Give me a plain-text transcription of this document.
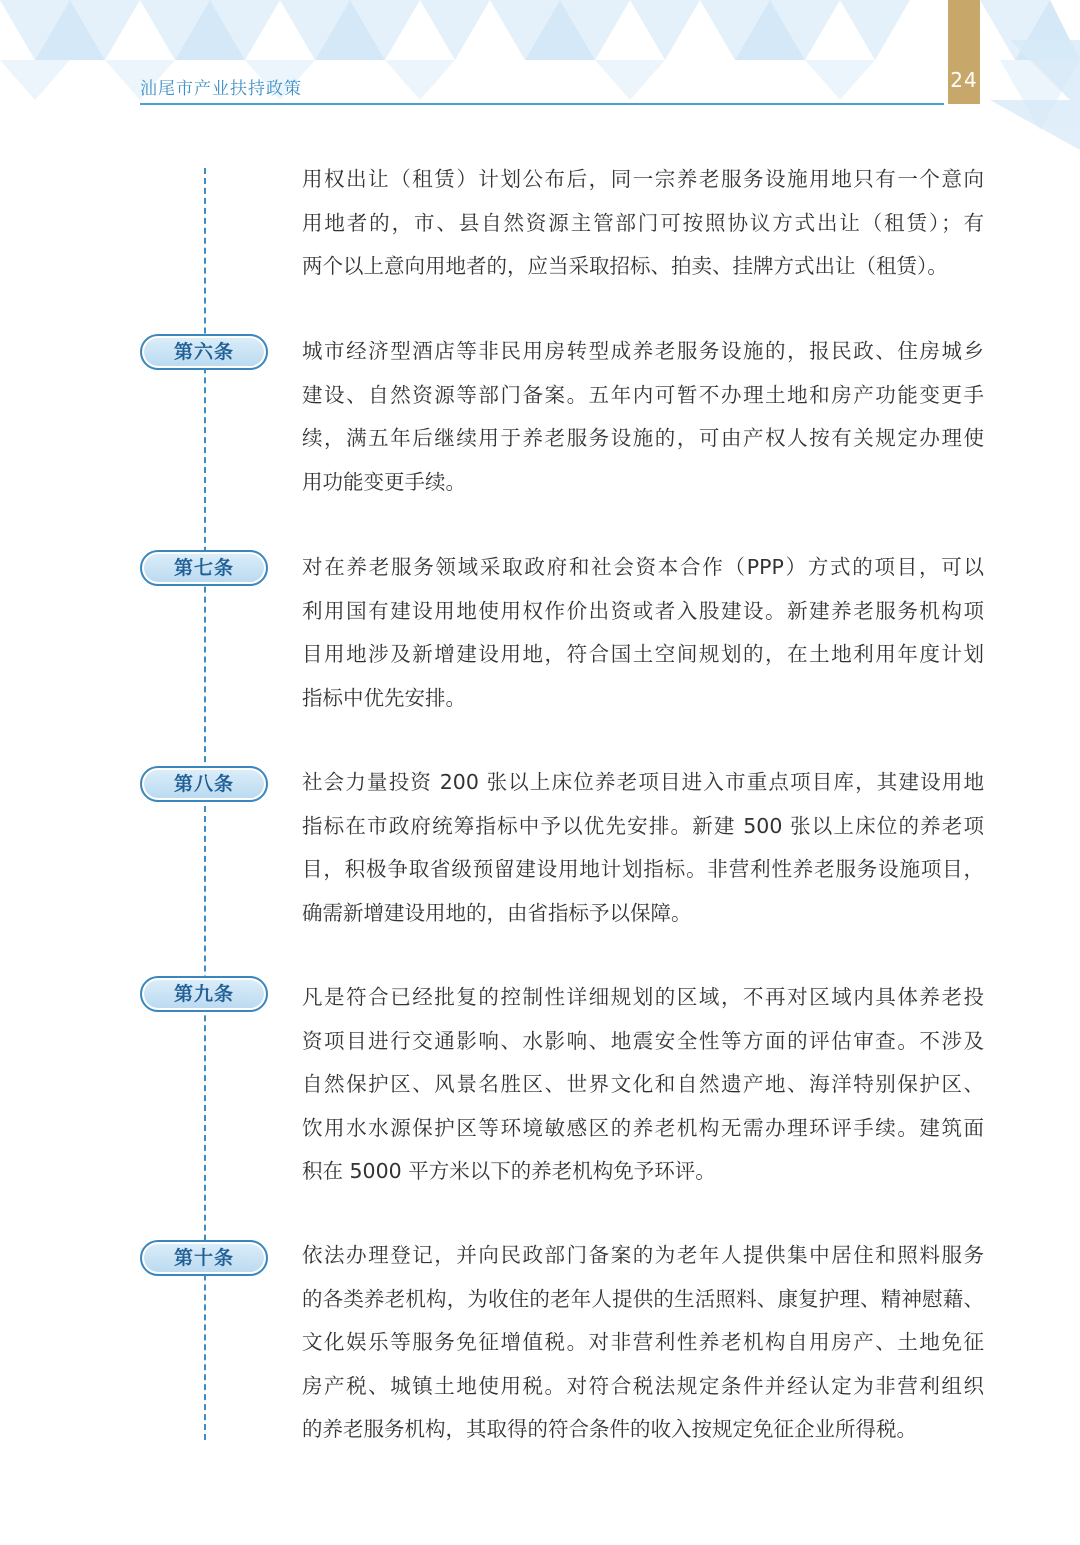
24
汕尾市产业扶持政策

用权出让（租赁）计划公布后，同一宗养老服务设施用地只有一个意向
用地者的，市、县自然资源主管部门可按照协议方式出让（租赁）；有
两个以上意向用地者的，应当采取招标、拍卖、挂牌方式出让（租赁）。

第六条	城市经济型酒店等非民用房转型成养老服务设施的，报民政、住房城乡
建设、自然资源等部门备案。五年内可暂不办理土地和房产功能变更手
续，满五年后继续用于养老服务设施的，可由产权人按有关规定办理使
用功能变更手续。

第七条	对在养老服务领域采取政府和社会资本合作（PPP）方式的项目，可以
利用国有建设用地使用权作价出资或者入股建设。新建养老服务机构项
目用地涉及新增建设用地，符合国土空间规划的，在土地利用年度计划
指标中优先安排。

第八条	社会力量投资 200 张以上床位养老项目进入市重点项目库，其建设用地
指标在市政府统筹指标中予以优先安排。新建 500 张以上床位的养老项
目，积极争取省级预留建设用地计划指标。非营利性养老服务设施项目，
确需新增建设用地的，由省指标予以保障。

第九条	凡是符合已经批复的控制性详细规划的区域，不再对区域内具体养老投
资项目进行交通影响、水影响、地震安全性等方面的评估审查。不涉及
自然保护区、风景名胜区、世界文化和自然遗产地、海洋特别保护区、
饮用水水源保护区等环境敏感区的养老机构无需办理环评手续。建筑面
积在 5000 平方米以下的养老机构免予环评。

第十条	依法办理登记，并向民政部门备案的为老年人提供集中居住和照料服务
的各类养老机构，为收住的老年人提供的生活照料、康复护理、精神慰藉、
文化娱乐等服务免征增值税。对非营利性养老机构自用房产、土地免征
房产税、城镇土地使用税。对符合税法规定条件并经认定为非营利组织
的养老服务机构，其取得的符合条件的收入按规定免征企业所得税。
